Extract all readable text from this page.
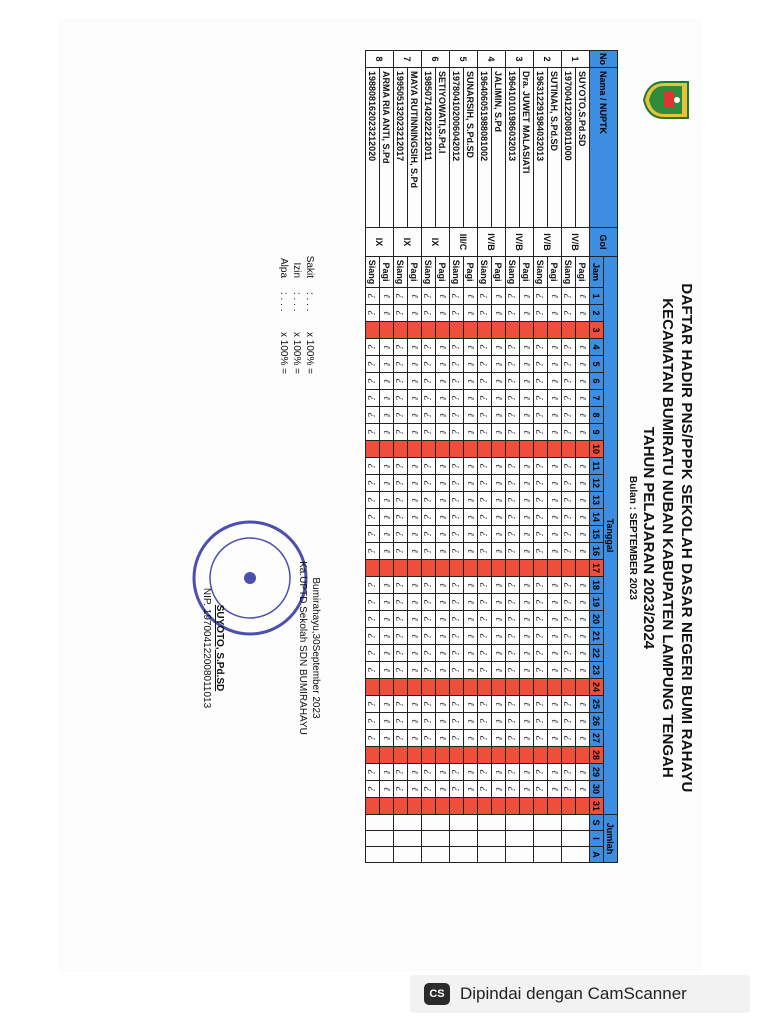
DAFTAR HADIR PNS/PPPK SEKOLAH DASAR NEGERI BUMI RAHAYU
KECAMATAN BUMIRATU NUBAN KABUPATEN LAMPUNG TENGAH
TAHUN PELAJARAN 2023/2024
Bulan : SEPTEMBER 2023
No	Nama / NUPTK	Gol	Tanggal																																Jumlah		
			Jam	1	2	3	4	5	6	7	8	9	10	11	12	13	14	15	16	17	18	19	20	21	22	23	24	25	26	27	28	29	30	31	S	I	A
1	SUYOTO,S.Pd.SD	IV/B	Pagi	ℓ	ℓ		ℓ	ℓ	ℓ	ℓ	ℓ	ℓ		ℓ	ℓ	ℓ	ℓ	ℓ	ℓ		ℓ	ℓ	ℓ	ℓ	ℓ	ℓ		ℓ	ℓ	ℓ		ℓ	ℓ				
	197004122008011000		Siang	¿	¿		¿	¿	¿	¿	¿	¿		¿	¿	¿	¿	¿	¿		¿	¿	¿	¿	¿	¿		¿	¿	¿		¿	¿				
2	SUTINAH, S.Pd.SD	IV/B	Pagi	ℓ	ℓ		ℓ	ℓ	ℓ	ℓ	ℓ	ℓ		ℓ	ℓ	ℓ	ℓ	ℓ	ℓ		ℓ	ℓ	ℓ	ℓ	ℓ	ℓ		ℓ	ℓ	ℓ		ℓ	ℓ				
	196312291984032013		Siang	¿	¿		¿	¿	¿	¿	¿	¿		¿	¿	¿	¿	¿	¿		¿	¿	¿	¿	¿	¿		¿	¿	¿		¿	¿				
3	Dra. JUWET MALASIATI	IV/B	Pagi	ℓ	ℓ		ℓ	ℓ	ℓ	ℓ	ℓ	ℓ		ℓ	ℓ	ℓ	ℓ	ℓ	ℓ		ℓ	ℓ	ℓ	ℓ	ℓ	ℓ		ℓ	ℓ	ℓ		ℓ	ℓ				
	196410101986032013		Siang	¿	¿		¿	¿	¿	¿	¿	¿		¿	¿	¿	¿	¿	¿		¿	¿	¿	¿	¿	¿		¿	¿	¿		¿	¿				
4	JALIMIN, S.Pd	IV/B	Pagi	ℓ	ℓ		ℓ	ℓ	ℓ	ℓ	ℓ	ℓ		ℓ	ℓ	ℓ	ℓ	ℓ	ℓ		ℓ	ℓ	ℓ	ℓ	ℓ	ℓ		ℓ	ℓ	ℓ		ℓ	ℓ				
	196406051988081002		Siang	¿	¿		¿	¿	¿	¿	¿	¿		¿	¿	¿	¿	¿	¿		¿	¿	¿	¿	¿	¿		¿	¿	¿		¿	¿				
5	SUNARSIH, S.Pd.SD	III/C	Pagi	ℓ	ℓ		ℓ	ℓ	ℓ	ℓ	ℓ	ℓ		ℓ	ℓ	ℓ	ℓ	ℓ	ℓ		ℓ	ℓ	ℓ	ℓ	ℓ	ℓ		ℓ	ℓ	ℓ		ℓ	ℓ				
	197804102006042012		Siang	¿	¿		¿	¿	¿	¿	¿	¿		¿	¿	¿	¿	¿	¿		¿	¿	¿	¿	¿	¿		¿	¿	¿		¿	¿				
6	SETIYOWATI,S.Pd.I	IX	Pagi	ℓ	ℓ		ℓ	ℓ	ℓ	ℓ	ℓ	ℓ		ℓ	ℓ	ℓ	ℓ	ℓ	ℓ		ℓ	ℓ	ℓ	ℓ	ℓ	ℓ		ℓ	ℓ	ℓ		ℓ	ℓ				
	198507142022212011		Siang	¿	¿		¿	¿	¿	¿	¿	¿		¿	¿	¿	¿	¿	¿		¿	¿	¿	¿	¿	¿		¿	¿	¿		¿	¿				
7	MAYA RUTINNINGSIH, S.Pd	IX	Pagi	ℓ	ℓ		ℓ	ℓ	ℓ	ℓ	ℓ	ℓ		ℓ	ℓ	ℓ	ℓ	ℓ	ℓ		ℓ	ℓ	ℓ	ℓ	ℓ	ℓ		ℓ	ℓ	ℓ		ℓ	ℓ				
	199505132023212017		Siang	¿	¿		¿	¿	¿	¿	¿	¿		¿	¿	¿	¿	¿	¿		¿	¿	¿	¿	¿	¿		¿	¿	¿		¿	¿				
8	ARMA RIA ANTI, S.Pd	IX	Pagi	ℓ	ℓ		ℓ	ℓ	ℓ	ℓ	ℓ	ℓ		ℓ	ℓ	ℓ	ℓ	ℓ	ℓ		ℓ	ℓ	ℓ	ℓ	ℓ	ℓ		ℓ	ℓ	ℓ		ℓ	ℓ				
	198808162023212020		Siang	¿	¿		¿	¿	¿	¿	¿	¿		¿	¿	¿	¿	¿	¿		¿	¿	¿	¿	¿	¿		¿	¿	¿		¿	¿				
Sakit
: . . .
x 100% =
Izin
: . . .
x 100% =
Alpa
: . . .
x 100% =
Bumirahayu,30September 2023
Ka.UPTD Sekolah SDN BUMIRAHAYU
SUYOTO, S.Pd.SD
NIP. 197004122008011013
CS Dipindai dengan CamScanner
